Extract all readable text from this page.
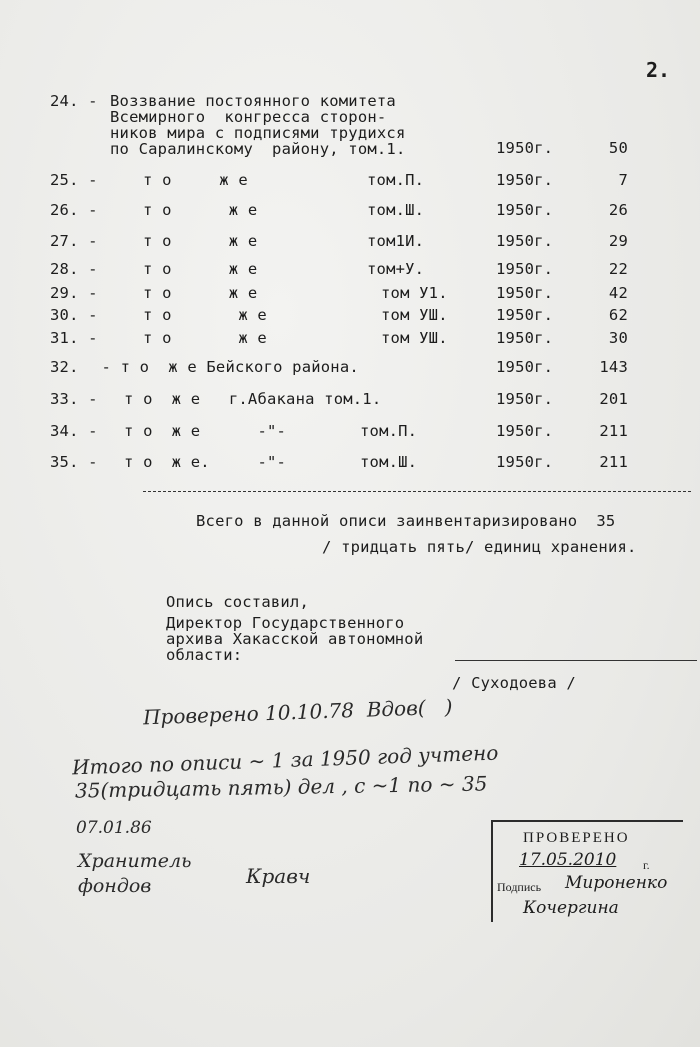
2.
24. - Воззвание постоянного комитета
Всемирного  конгресса сторон-
ников мира с подписями трудихся
по Саралинскому  району, том.1.	1950г.	50
25. -	т о     ж е	том.П.	1950г.	7
26. -	т о      ж е	том.Ш.	1950г.	26
27. -	т о      ж е	том1И.	1950г.	29
28. -	т о      ж е	том+У.	1950г.	22
29. -	т о      ж е	том У1.	1950г.	42
30. -	т о       ж е	том УШ.	1950г.	62
31. -	т о       ж е	том УШ.	1950г.	30
32. - т о  ж е Бейского района.	1950г.	143
33. - т о  ж е   г.Абакана том.1.	1950г.	201
34. - т о  ж е      -"-	том.П.	1950г.	211
35. - т о  ж е.     -"-	том.Ш.	1950г.	211
Всего в данной описи заинвентаризировано  35
/ тридцать пять/ единиц хранения.
Опись составил,
Директор Государственного
архива Хакасской автономной
области:
/ Суходоева /
Проверено 10.10.78  Вдов(   )
Итого по описи ~ 1 за 1950 год учтено
35(тридцать пять) дел , с ~1 по ~ 35
07.01.86
Хранитель
фондов	Кравч
ПРОВЕРЕНО
17.05.2010 г.
Подпись Мироненко
Кочергина
